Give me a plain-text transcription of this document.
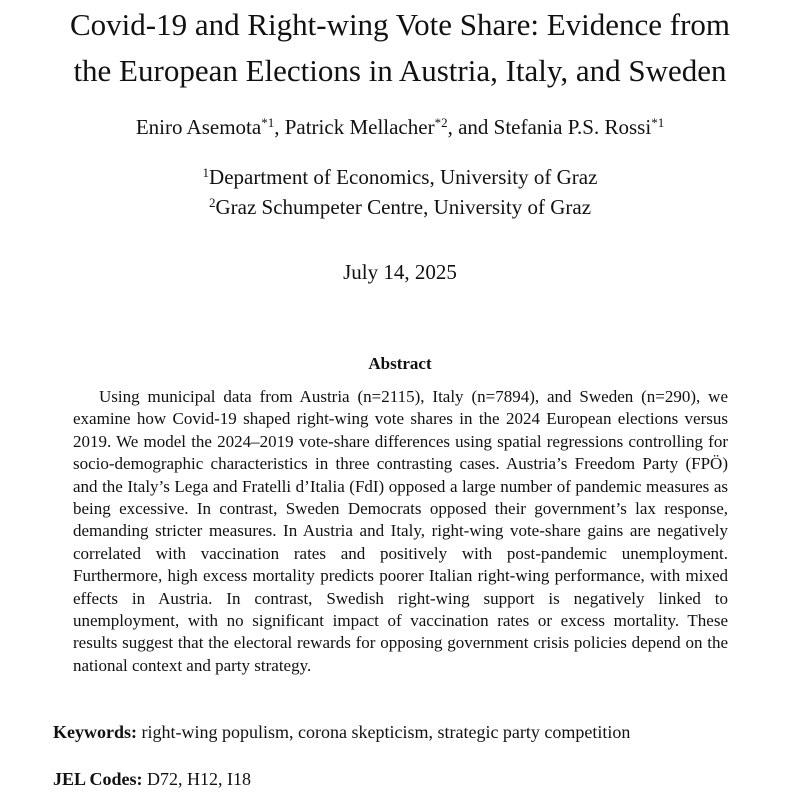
Covid-19 and Right-wing Vote Share: Evidence from
the European Elections in Austria, Italy, and Sweden
Eniro Asemota$^{*1}$, Patrick Mellacher$^{*2}$, and Stefania P.S. Rossi$^{*1}$
$^1$Department of Economics, University of Graz
$^2$Graz Schumpeter Centre, University of Graz
July 14, 2025
Abstract

Using municipal data from Austria (n=2115), Italy (n=7894), and Sweden (n=290), we examine how Covid-19 shaped right-wing vote shares in the 2024 European elections versus 2019. We model the 2024–2019 vote-share differences using spatial regressions controlling for socio-demographic characteristics in three contrasting cases. Austria’s Freedom Party (FPÖ) and the Italy’s Lega and Fratelli d’Italia (FdI) opposed a large number of pandemic measures as being excessive. In contrast, Sweden Democrats opposed their government’s lax response, demanding stricter measures. In Austria and Italy, right-wing vote-share gains are negatively correlated with vaccination rates and positively with post-pandemic unemployment. Furthermore, high excess mortality predicts poorer Italian right-wing performance, with mixed effects in Austria. In contrast, Swedish right-wing support is negatively linked to unemployment, with no significant impact of vaccination rates or excess mortality. These results suggest that the electoral rewards for opposing government crisis policies depend on the national context and party strategy.

Keywords: right-wing populism, corona skepticism, strategic party competition
JEL Codes: D72, H12, I18
